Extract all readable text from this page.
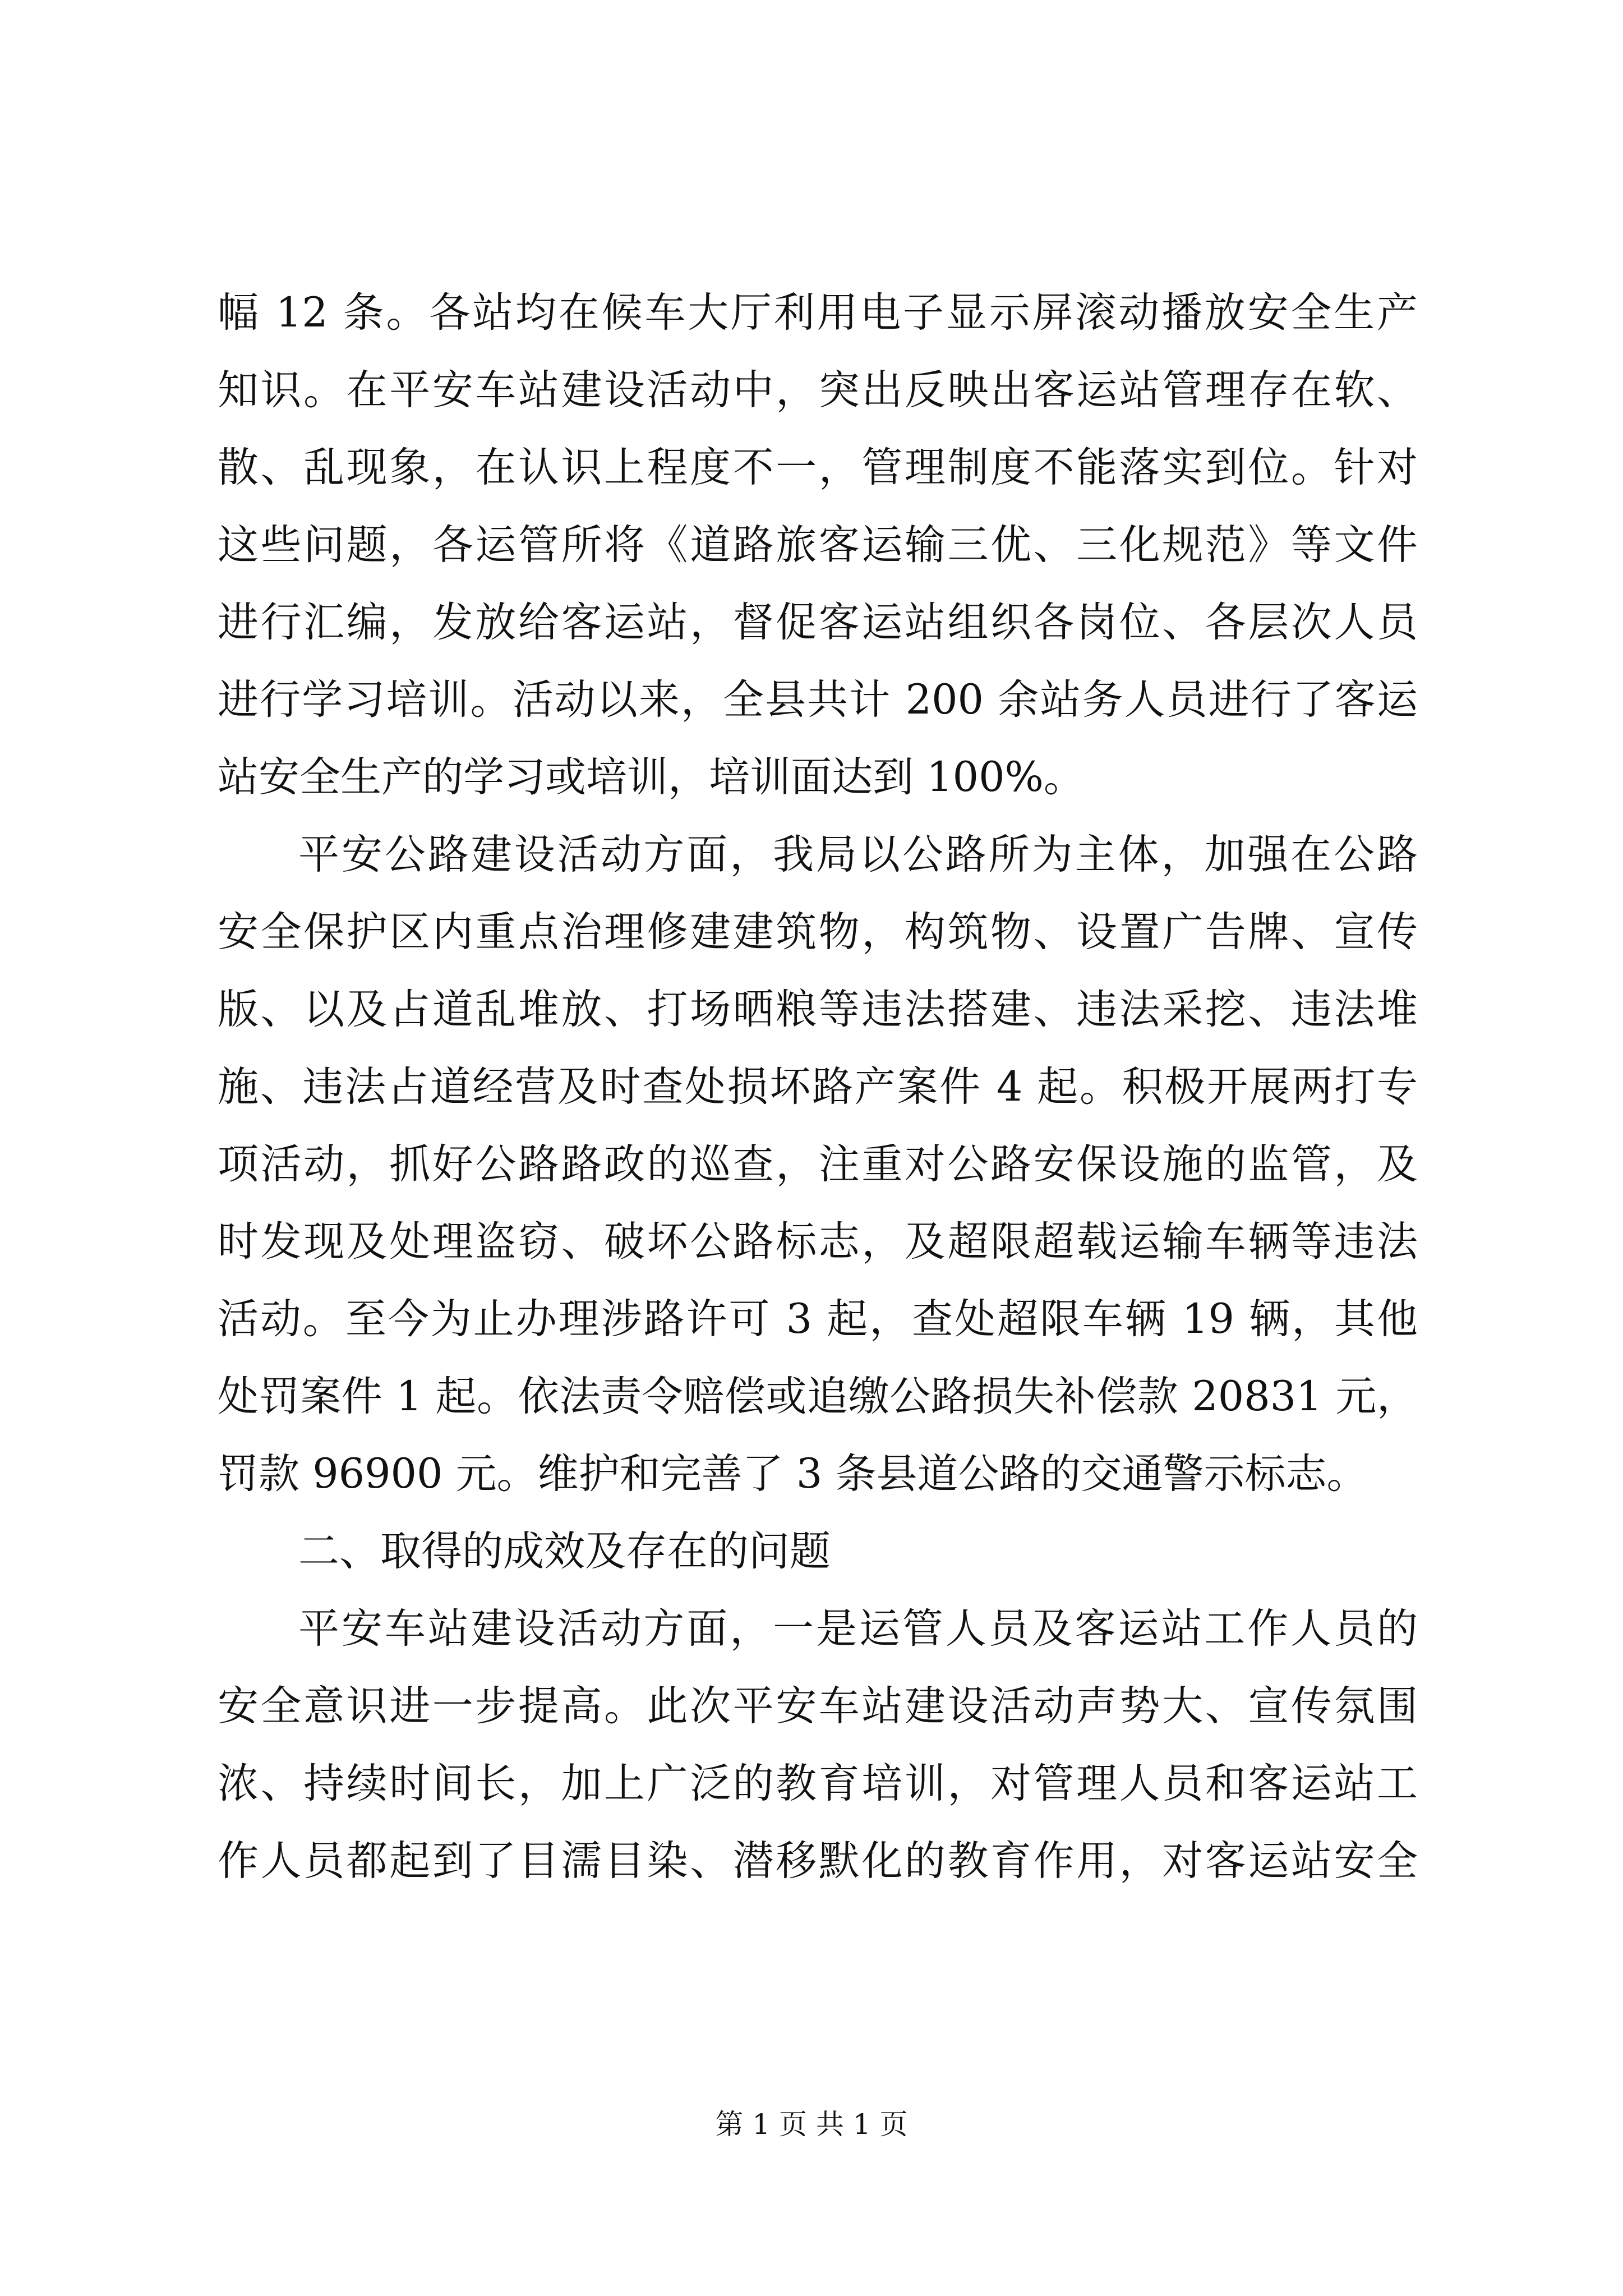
幅 12 条。各站均在候车大厅利用电子显示屏滚动播放安全生产
知识。在平安车站建设活动中，突出反映出客运站管理存在软、
散、乱现象，在认识上程度不一，管理制度不能落实到位。针对
这些问题，各运管所将《道路旅客运输三优、三化规范》等文件
进行汇编，发放给客运站，督促客运站组织各岗位、各层次人员
进行学习培训。活动以来，全县共计 200 余站务人员进行了客运
站安全生产的学习或培训，培训面达到 100%。
平安公路建设活动方面，我局以公路所为主体，加强在公路
安全保护区内重点治理修建建筑物，构筑物、设置广告牌、宣传
版、以及占道乱堆放、打场晒粮等违法搭建、违法采挖、违法堆
施、违法占道经营及时查处损坏路产案件 4 起。积极开展两打专
项活动，抓好公路路政的巡查，注重对公路安保设施的监管，及
时发现及处理盗窃、破坏公路标志，及超限超载运输车辆等违法
活动。至今为止办理涉路许可 3 起，查处超限车辆 19 辆，其他
处罚案件 1 起。依法责令赔偿或追缴公路损失补偿款 20831 元，
罚款 96900 元。维护和完善了 3 条县道公路的交通警示标志。
二、取得的成效及存在的问题
平安车站建设活动方面，一是运管人员及客运站工作人员的
安全意识进一步提高。此次平安车站建设活动声势大、宣传氛围
浓、持续时间长，加上广泛的教育培训，对管理人员和客运站工
作人员都起到了目濡目染、潜移默化的教育作用，对客运站安全
第 1 页 共 1 页
